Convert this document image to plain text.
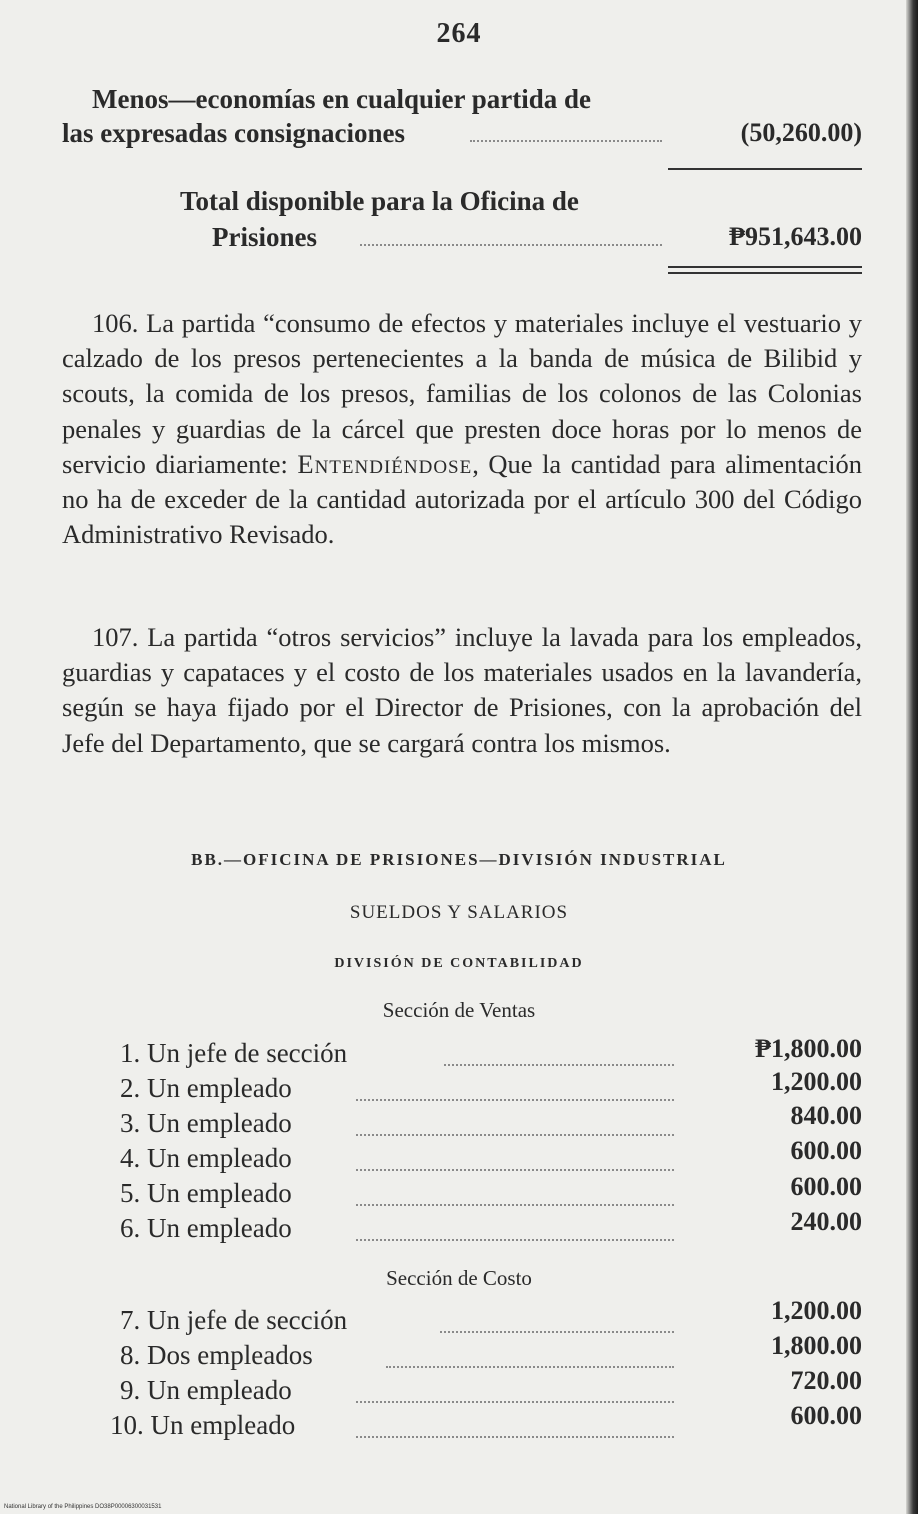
264
Menos—economías en cualquier partida de
las expresadas consignaciones	(50,260.00)
Total disponible para la Oficina de
Prisiones	₱951,643.00

106. La partida “consumo de efectos y materiales incluye el vestuario y calzado de los presos pertenecientes a la banda de música de Bilibid y scouts, la comida de los presos, familias de los colonos de las Colonias penales y guardias de la cárcel que presten doce horas por lo menos de servicio diariamente: Entendiéndose, Que la cantidad para alimentación no ha de exceder de la cantidad autorizada por el artículo 300 del Código Administrativo Revisado.

107. La partida “otros servicios” incluye la lavada para los empleados, guardias y capataces y el costo de los materiales usados en la lavandería, según se haya fijado por el Director de Prisiones, con la aprobación del Jefe del Departamento, que se cargará contra los mismos.

BB.—OFICINA DE PRISIONES—DIVISIÓN INDUSTRIAL
SUELDOS Y SALARIOS
DIVISIÓN DE CONTABILIDAD
Sección de Ventas
1. Un jefe de sección	₱1,800.00
2. Un empleado	1,200.00
3. Un empleado	840.00
4. Un empleado	600.00
5. Un empleado	600.00
6. Un empleado	240.00
Sección de Costo
7. Un jefe de sección	1,200.00
8. Dos empleados	1,800.00
9. Un empleado	720.00
10. Un empleado	600.00
National Library of the Philippines DO38P00006300031531
